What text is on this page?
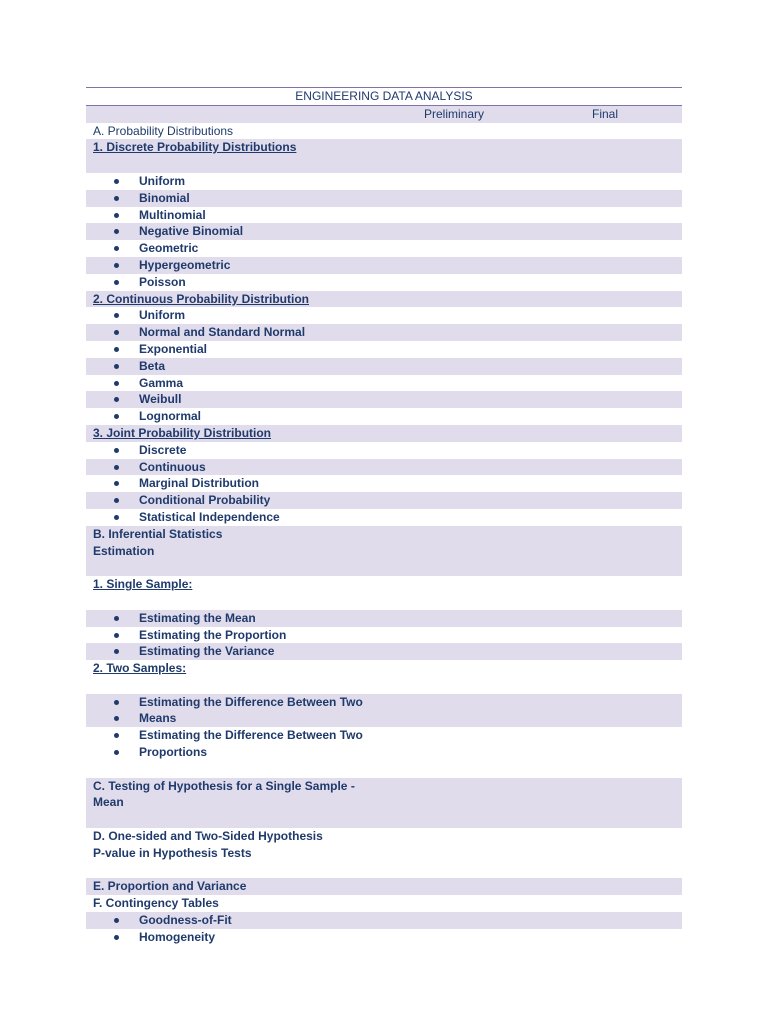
ENGINEERING DATA ANALYSIS
Preliminary	Final
A. Probability Distributions
1. Discrete Probability Distributions
Uniform
Binomial
Multinomial
Negative Binomial
Geometric
Hypergeometric
Poisson
2. Continuous Probability Distribution
Uniform
Normal and Standard Normal
Exponential
Beta
Gamma
Weibull
Lognormal
3. Joint Probability Distribution
Discrete
Continuous
Marginal Distribution
Conditional Probability
Statistical Independence
B. Inferential Statistics
Estimation
1. Single Sample:
Estimating the Mean
Estimating the Proportion
Estimating the Variance
2. Two Samples:
Estimating the Difference Between Two
Means
Estimating the Difference Between Two
Proportions
C. Testing of Hypothesis for a Single Sample -
Mean
D. One-sided and Two-Sided Hypothesis
P-value in Hypothesis Tests
E. Proportion and Variance
F. Contingency Tables
Goodness-of-Fit
Homogeneity
